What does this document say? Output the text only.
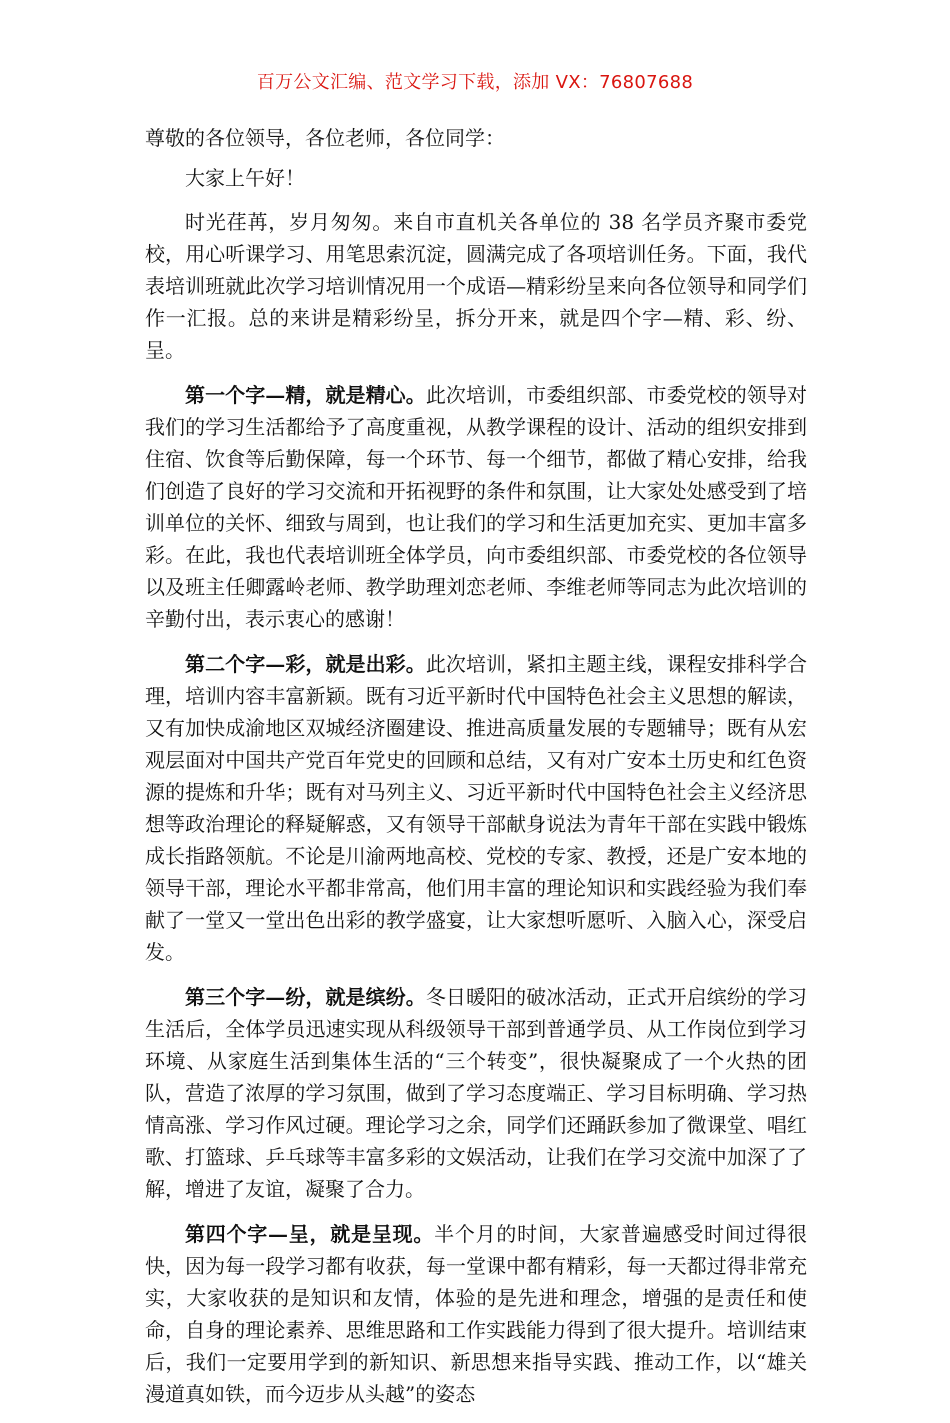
百万公文汇编、范文学习下载，添加 VX：76807688

尊敬的各位领导，各位老师，各位同学：

大家上午好！

时光荏苒，岁月匆匆。来自市直机关各单位的 38 名学员齐聚市委党校，用心听课学习、用笔思索沉淀，圆满完成了各项培训任务。下面，我代表培训班就此次学习培训情况用一个成语—精彩纷呈来向各位领导和同学们作一汇报。总的来讲是精彩纷呈，拆分开来，就是四个字—精、彩、纷、呈。

第一个字—精，就是精心。此次培训，市委组织部、市委党校的领导对我们的学习生活都给予了高度重视，从教学课程的设计、活动的组织安排到住宿、饮食等后勤保障，每一个环节、每一个细节，都做了精心安排，给我们创造了良好的学习交流和开拓视野的条件和氛围，让大家处处感受到了培训单位的关怀、细致与周到，也让我们的学习和生活更加充实、更加丰富多彩。在此，我也代表培训班全体学员，向市委组织部、市委党校的各位领导以及班主任卿露岭老师、教学助理刘恋老师、李维老师等同志为此次培训的辛勤付出，表示衷心的感谢！

第二个字—彩，就是出彩。此次培训，紧扣主题主线，课程安排科学合理，培训内容丰富新颖。既有习近平新时代中国特色社会主义思想的解读，又有加快成渝地区双城经济圈建设、推进高质量发展的专题辅导；既有从宏观层面对中国共产党百年党史的回顾和总结，又有对广安本土历史和红色资源的提炼和升华；既有对马列主义、习近平新时代中国特色社会主义经济思想等政治理论的释疑解惑，又有领导干部献身说法为青年干部在实践中锻炼成长指路领航。不论是川渝两地高校、党校的专家、教授，还是广安本地的领导干部，理论水平都非常高，他们用丰富的理论知识和实践经验为我们奉献了一堂又一堂出色出彩的教学盛宴，让大家想听愿听、入脑入心，深受启发。

第三个字—纷，就是缤纷。冬日暖阳的破冰活动，正式开启缤纷的学习生活后，全体学员迅速实现从科级领导干部到普通学员、从工作岗位到学习环境、从家庭生活到集体生活的“三个转变”，很快凝聚成了一个火热的团队，营造了浓厚的学习氛围，做到了学习态度端正、学习目标明确、学习热情高涨、学习作风过硬。理论学习之余，同学们还踊跃参加了微课堂、唱红歌、打篮球、乒乓球等丰富多彩的文娱活动，让我们在学习交流中加深了了解，增进了友谊，凝聚了合力。

第四个字—呈，就是呈现。半个月的时间，大家普遍感受时间过得很快，因为每一段学习都有收获，每一堂课中都有精彩，每一天都过得非常充实，大家收获的是知识和友情，体验的是先进和理念，增强的是责任和使命，自身的理论素养、思维思路和工作实践能力得到了很大提升。培训结束后，我们一定要用学到的新知识、新思想来指导实践、推动工作，以“雄关漫道真如铁，而今迈步从头越”的姿态
